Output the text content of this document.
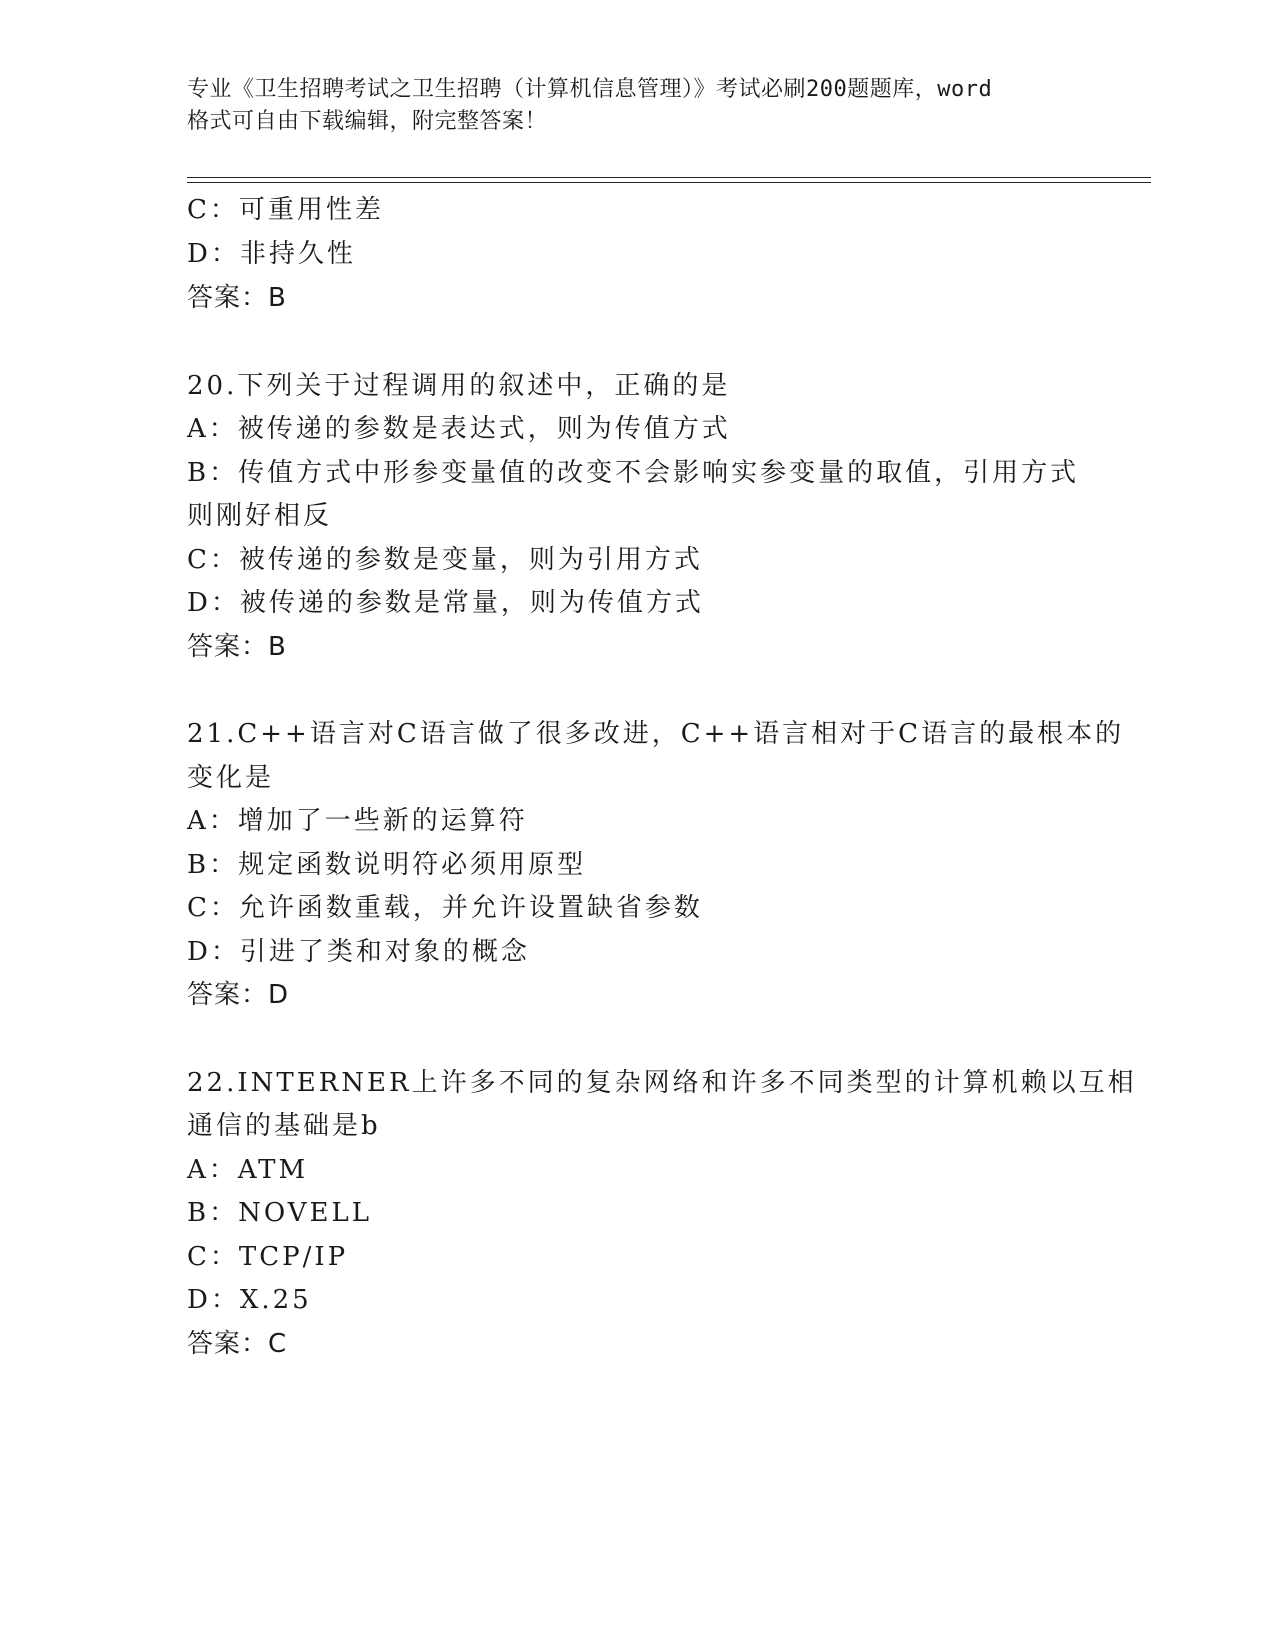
专业《卫生招聘考试之卫生招聘（计算机信息管理）》考试必刷200题题库，word
格式可自由下载编辑，附完整答案！
C：可重用性差
D：非持久性
答案：B
20.下列关于过程调用的叙述中，正确的是
A：被传递的参数是表达式，则为传值方式
B：传值方式中形参变量值的改变不会影响实参变量的取值，引用方式
则刚好相反
C：被传递的参数是变量，则为引用方式
D：被传递的参数是常量，则为传值方式
答案：B
21.C++语言对C语言做了很多改进，C++语言相对于C语言的最根本的
变化是
A：增加了一些新的运算符
B：规定函数说明符必须用原型
C：允许函数重载，并允许设置缺省参数
D：引进了类和对象的概念
答案：D
22.INTERNER上许多不同的复杂网络和许多不同类型的计算机赖以互相
通信的基础是b
A：ATM
B：NOVELL
C：TCP/IP
D：X.25
答案：C
